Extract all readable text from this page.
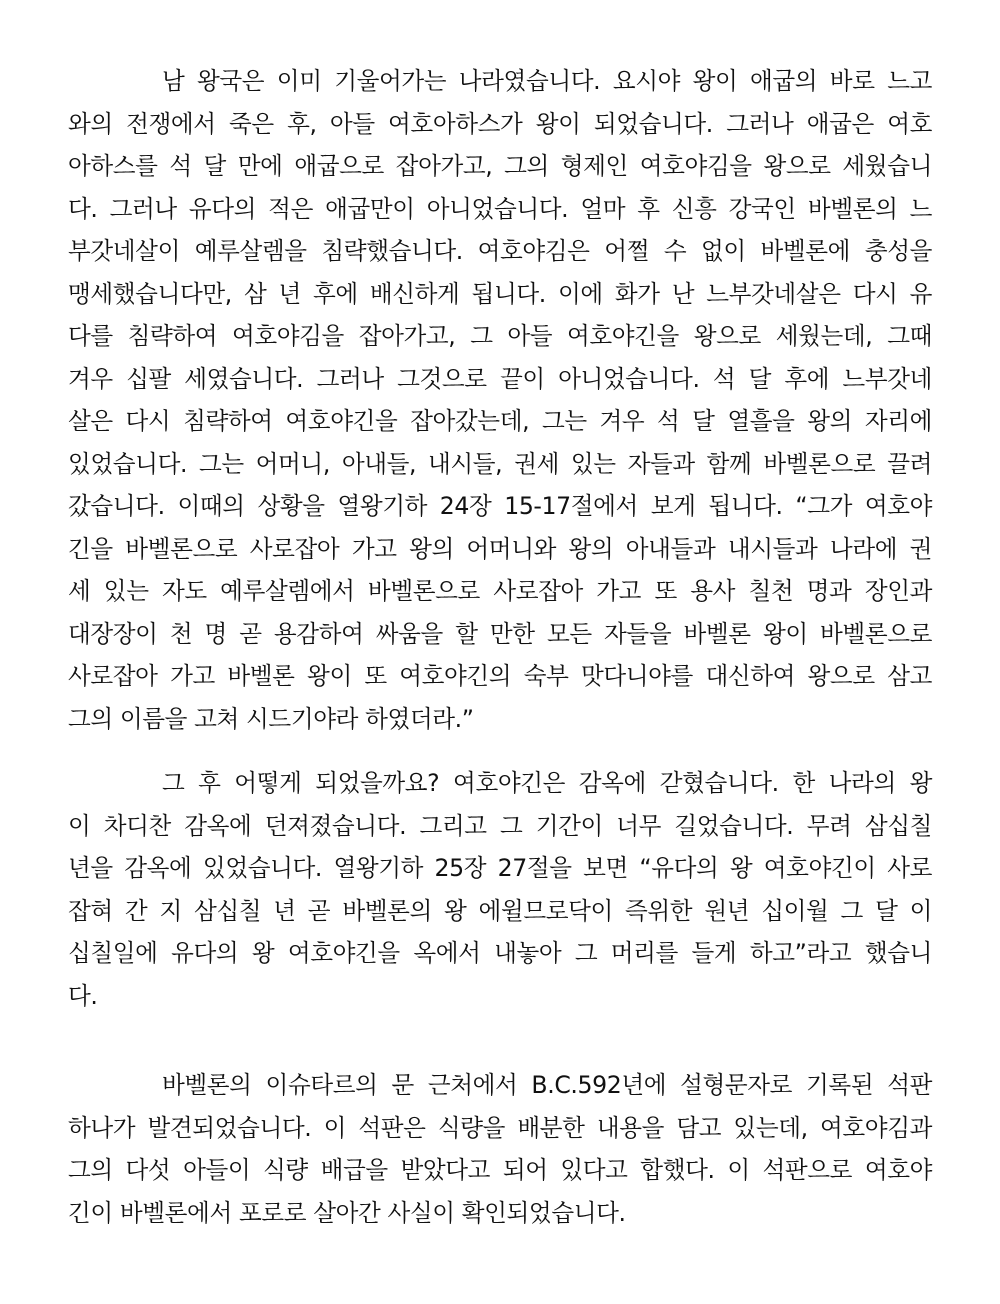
남 왕국은 이미 기울어가는 나라였습니다. 요시야 왕이 애굽의 바로 느고
와의 전쟁에서 죽은 후, 아들 여호아하스가 왕이 되었습니다. 그러나 애굽은 여호
아하스를 석 달 만에 애굽으로 잡아가고, 그의 형제인 여호야김을 왕으로 세웠습니
다. 그러나 유다의 적은 애굽만이 아니었습니다. 얼마 후 신흥 강국인 바벨론의 느
부갓네살이 예루살렘을 침략했습니다. 여호야김은 어쩔 수 없이 바벨론에 충성을
맹세했습니다만, 삼 년 후에 배신하게 됩니다. 이에 화가 난 느부갓네살은 다시 유
다를 침략하여 여호야김을 잡아가고, 그 아들 여호야긴을 왕으로 세웠는데, 그때
겨우 십팔 세였습니다. 그러나 그것으로 끝이 아니었습니다. 석 달 후에 느부갓네
살은 다시 침략하여 여호야긴을 잡아갔는데, 그는 겨우 석 달 열흘을 왕의 자리에
있었습니다. 그는 어머니, 아내들, 내시들, 권세 있는 자들과 함께 바벨론으로 끌려
갔습니다. 이때의 상황을 열왕기하 24장 15-17절에서 보게 됩니다. “그가 여호야
긴을 바벨론으로 사로잡아 가고 왕의 어머니와 왕의 아내들과 내시들과 나라에 권
세 있는 자도 예루살렘에서 바벨론으로 사로잡아 가고 또 용사 칠천 명과 장인과
대장장이 천 명 곧 용감하여 싸움을 할 만한 모든 자들을 바벨론 왕이 바벨론으로
사로잡아 가고 바벨론 왕이 또 여호야긴의 숙부 맛다니야를 대신하여 왕으로 삼고
그의 이름을 고쳐 시드기야라 하였더라.”
그 후 어떻게 되었을까요? 여호야긴은 감옥에 갇혔습니다. 한 나라의 왕
이 차디찬 감옥에 던져졌습니다. 그리고 그 기간이 너무 길었습니다. 무려 삼십칠
년을 감옥에 있었습니다. 열왕기하 25장 27절을 보면 “유다의 왕 여호야긴이 사로
잡혀 간 지 삼십칠 년 곧 바벨론의 왕 에윌므로닥이 즉위한 원년 십이월 그 달 이
십칠일에 유다의 왕 여호야긴을 옥에서 내놓아 그 머리를 들게 하고”라고 했습니
다.
바벨론의 이슈타르의 문 근처에서 B.C.592년에 설형문자로 기록된 석판
하나가 발견되었습니다. 이 석판은 식량을 배분한 내용을 담고 있는데, 여호야김과
그의 다섯 아들이 식량 배급을 받았다고 되어 있다고 합했다. 이 석판으로 여호야
긴이 바벨론에서 포로로 살아간 사실이 확인되었습니다.
